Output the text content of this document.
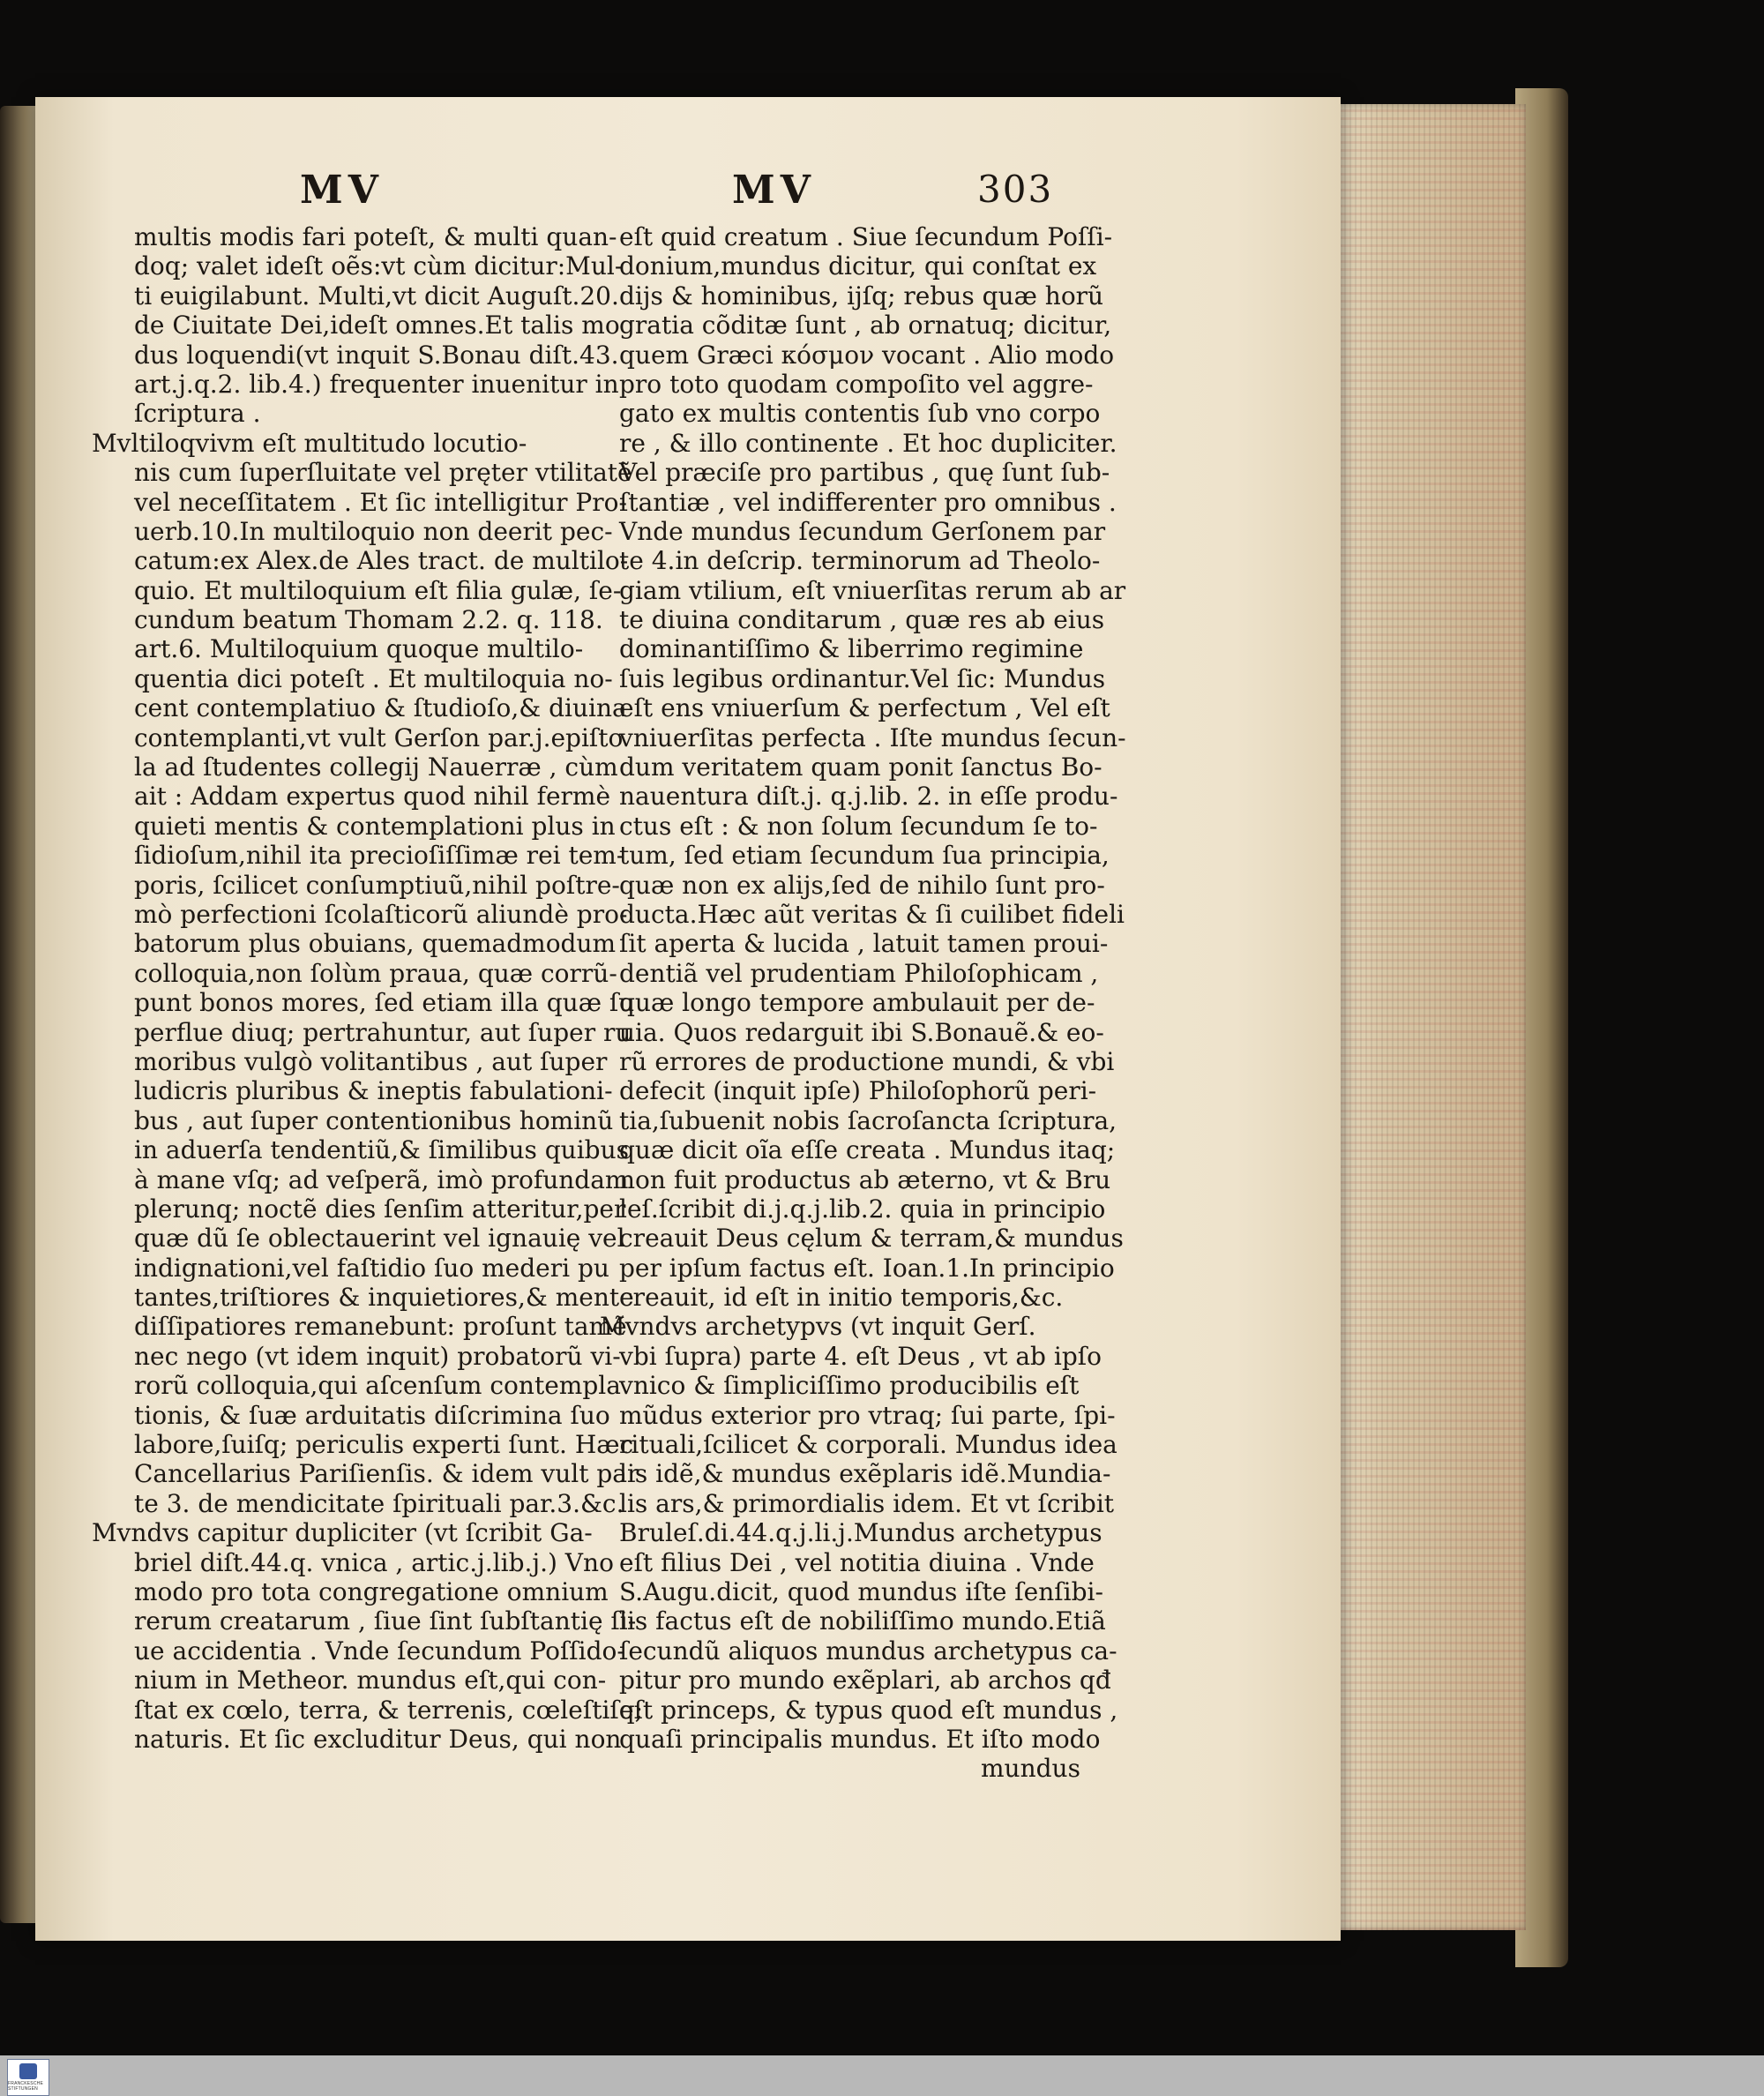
MV	MV	303
multis modis fari poteſt, & multi quan-
doq; valet ideſt oẽs:vt cùm dicitur:Mul-
ti euigilabunt. Multi,vt dicit Auguſt.20.
de Ciuitate Dei,ideſt omnes.Et talis mo
dus loquendi(vt inquit S.Bonau diſt.43.
art.j.q.2. lib.4.) frequenter inuenitur in
ſcriptura .
Mvltiloqvivm eſt multitudo locutio-
nis cum ſuperſluitate vel pręter vtilitatẽ
vel neceſſitatem . Et ſic intelligitur Pro-
uerb.10.In multiloquio non deerit pec-
catum:ex Alex.de Ales tract. de multilo-
quio. Et multiloquium eſt filia gulæ, ſe-
cundum beatum Thomam 2.2. q. 118.
art.6. Multiloquium quoque multilo-
quentia dici poteſt . Et multiloquia no-
cent contemplatiuo & ſtudioſo,& diuina
contemplanti,vt vult Gerſon par.j.epiſto
la ad ſtudentes collegij Nauerræ , cùm
ait : Addam expertus quod nihil fermè
quieti mentis & contemplationi plus in
ſidioſum,nihil ita precioſiſſimæ rei tem-
poris, ſcilicet conſumptiuũ,nihil poſtre-
mò perfectioni ſcolaſticorũ aliundè pro-
batorum plus obuians, quemadmodum
colloquia,non ſolùm praua, quæ corrũ-
punt bonos mores, ſed etiam illa quæ ſu
perflue diuq; pertrahuntur, aut ſuper ru
moribus vulgò volitantibus , aut ſuper
ludicris pluribus & ineptis fabulationi-
bus , aut ſuper contentionibus hominũ
in aduerſa tendentiũ,& ſimilibus quibus
à mane vſq; ad veſperã, imò profundam
plerunq; noctẽ dies ſenſim atteritur,per
quæ dũ ſe oblectauerint vel ignauię vel
indignationi,vel faſtidio ſuo mederi pu
tantes,triſtiores & inquietiores,& mente
diſſipatiores remanebunt: proſunt tamẽ
nec nego (vt idem inquit) probatorũ vi-
rorũ colloquia,qui aſcenſum contempla
tionis, & ſuæ arduitatis diſcrimina ſuo
labore,ſuiſq; periculis experti ſunt. Hæc
Cancellarius Pariſienſis. & idem vult par
te 3. de mendicitate ſpirituali par.3.&c.
Mvndvs capitur dupliciter (vt ſcribit Ga-
briel diſt.44.q. vnica , artic.j.lib.j.) Vno
modo pro tota congregatione omnium
rerum creatarum , ſiue ſint ſubſtantię ſi-
ue accidentia . Vnde ſecundum Poſſido-
nium in Metheor. mundus eſt,qui con-
ſtat ex cœlo, terra, & terrenis, cœleſtiſq;
naturis. Et ſic excluditur Deus, qui non
eſt quid creatum . Siue ſecundum Poſſi-
donium,mundus dicitur, qui conſtat ex
dijs & hominibus, ijſq; rebus quæ horũ
gratia cõditæ ſunt , ab ornatuq; dicitur,
quem Græci κόσμον vocant . Alio modo
pro toto quodam compoſito vel aggre-
gato ex multis contentis ſub vno corpo
re , & illo continente . Et hoc dupliciter.
Vel præciſe pro partibus , quę ſunt ſub-
ſtantiæ , vel indifferenter pro omnibus .
Vnde mundus ſecundum Gerſonem par
te 4.in deſcrip. terminorum ad Theolo-
giam vtilium, eſt vniuerſitas rerum ab ar
te diuina conditarum , quæ res ab eius
dominantiſſimo & liberrimo regimine
ſuis legibus ordinantur.Vel ſic: Mundus
eſt ens vniuerſum & perfectum , Vel eſt
vniuerſitas perfecta . Iſte mundus ſecun-
dum veritatem quam ponit ſanctus Bo-
nauentura diſt.j. q.j.lib. 2. in eſſe produ-
ctus eſt : & non ſolum ſecundum ſe to-
tum, ſed etiam ſecundum ſua principia,
quæ non ex alijs,ſed de nihilo ſunt pro-
ducta.Hæc aũt veritas & ſi cuilibet fideli
ſit aperta & lucida , latuit tamen proui-
dentiã vel prudentiam Philoſophicam ,
quæ longo tempore ambulauit per de-
uia. Quos redarguit ibi S.Bonauẽ.& eo-
rũ errores de productione mundi, & vbi
defecit (inquit ipſe) Philoſophorũ peri-
tia,ſubuenit nobis ſacroſancta ſcriptura,
quæ dicit oĩa eſſe creata . Mundus itaq;
non fuit productus ab æterno, vt & Bru
leſ.ſcribit di.j.q.j.lib.2. quia in principio
creauit Deus cęlum & terram,& mundus
per ipſum factus eſt. Ioan.1.In principio
creauit, id eſt in initio temporis,&c.
Mvndvs archetypvs (vt inquit Gerſ.
vbi ſupra) parte 4. eſt Deus , vt ab ipſo
vnico & ſimpliciſſimo producibilis eſt
mũdus exterior pro vtraq; ſui parte, ſpi-
rituali,ſcilicet & corporali. Mundus idea
lis idẽ,& mundus exẽplaris idẽ.Mundia-
lis ars,& primordialis idem. Et vt ſcribit
Bruleſ.di.44.q.j.li.j.Mundus archetypus
eſt filius Dei , vel notitia diuina . Vnde
S.Augu.dicit, quod mundus iſte ſenſibi-
lis factus eſt de nobiliſſimo mundo.Etiã
ſecundũ aliquos mundus archetypus ca-
pitur pro mundo exẽplari, ab archos qđ
eſt princeps, & typus quod eſt mundus ,
quaſi principalis mundus. Et iſto modo
mundus
FRANCKESCHE STIFTUNGEN
